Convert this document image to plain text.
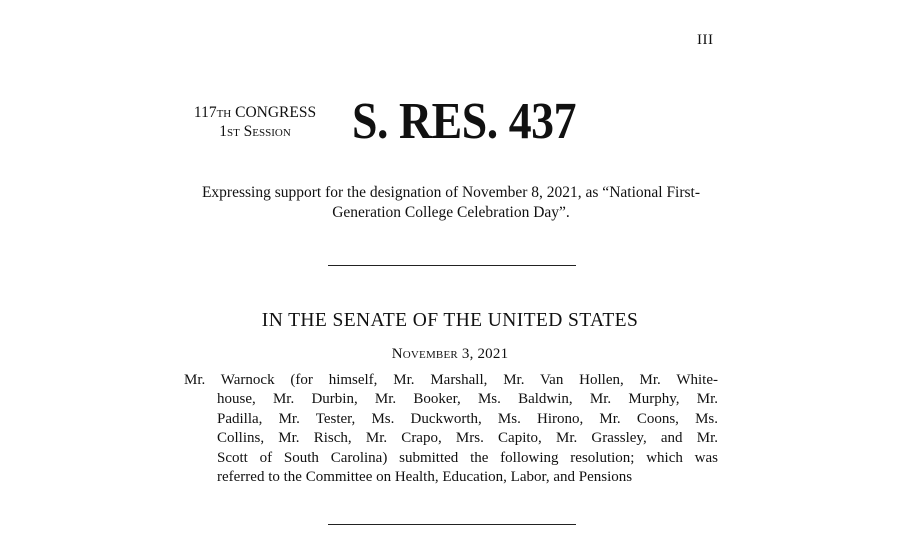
III
117th CONGRESS
1st Session	S. RES. 437
Expressing support for the designation of November 8, 2021, as “National First-Generation College Celebration Day”.
IN THE SENATE OF THE UNITED STATES
November 3, 2021
Mr. Warnock (for himself, Mr. Marshall, Mr. Van Hollen, Mr. White-
house, Mr. Durbin, Mr. Booker, Ms. Baldwin, Mr. Murphy, Mr.
Padilla, Mr. Tester, Ms. Duckworth, Ms. Hirono, Mr. Coons, Ms.
Collins, Mr. Risch, Mr. Crapo, Mrs. Capito, Mr. Grassley, and Mr.
Scott of South Carolina) submitted the following resolution; which was
referred to the Committee on Health, Education, Labor, and Pensions
